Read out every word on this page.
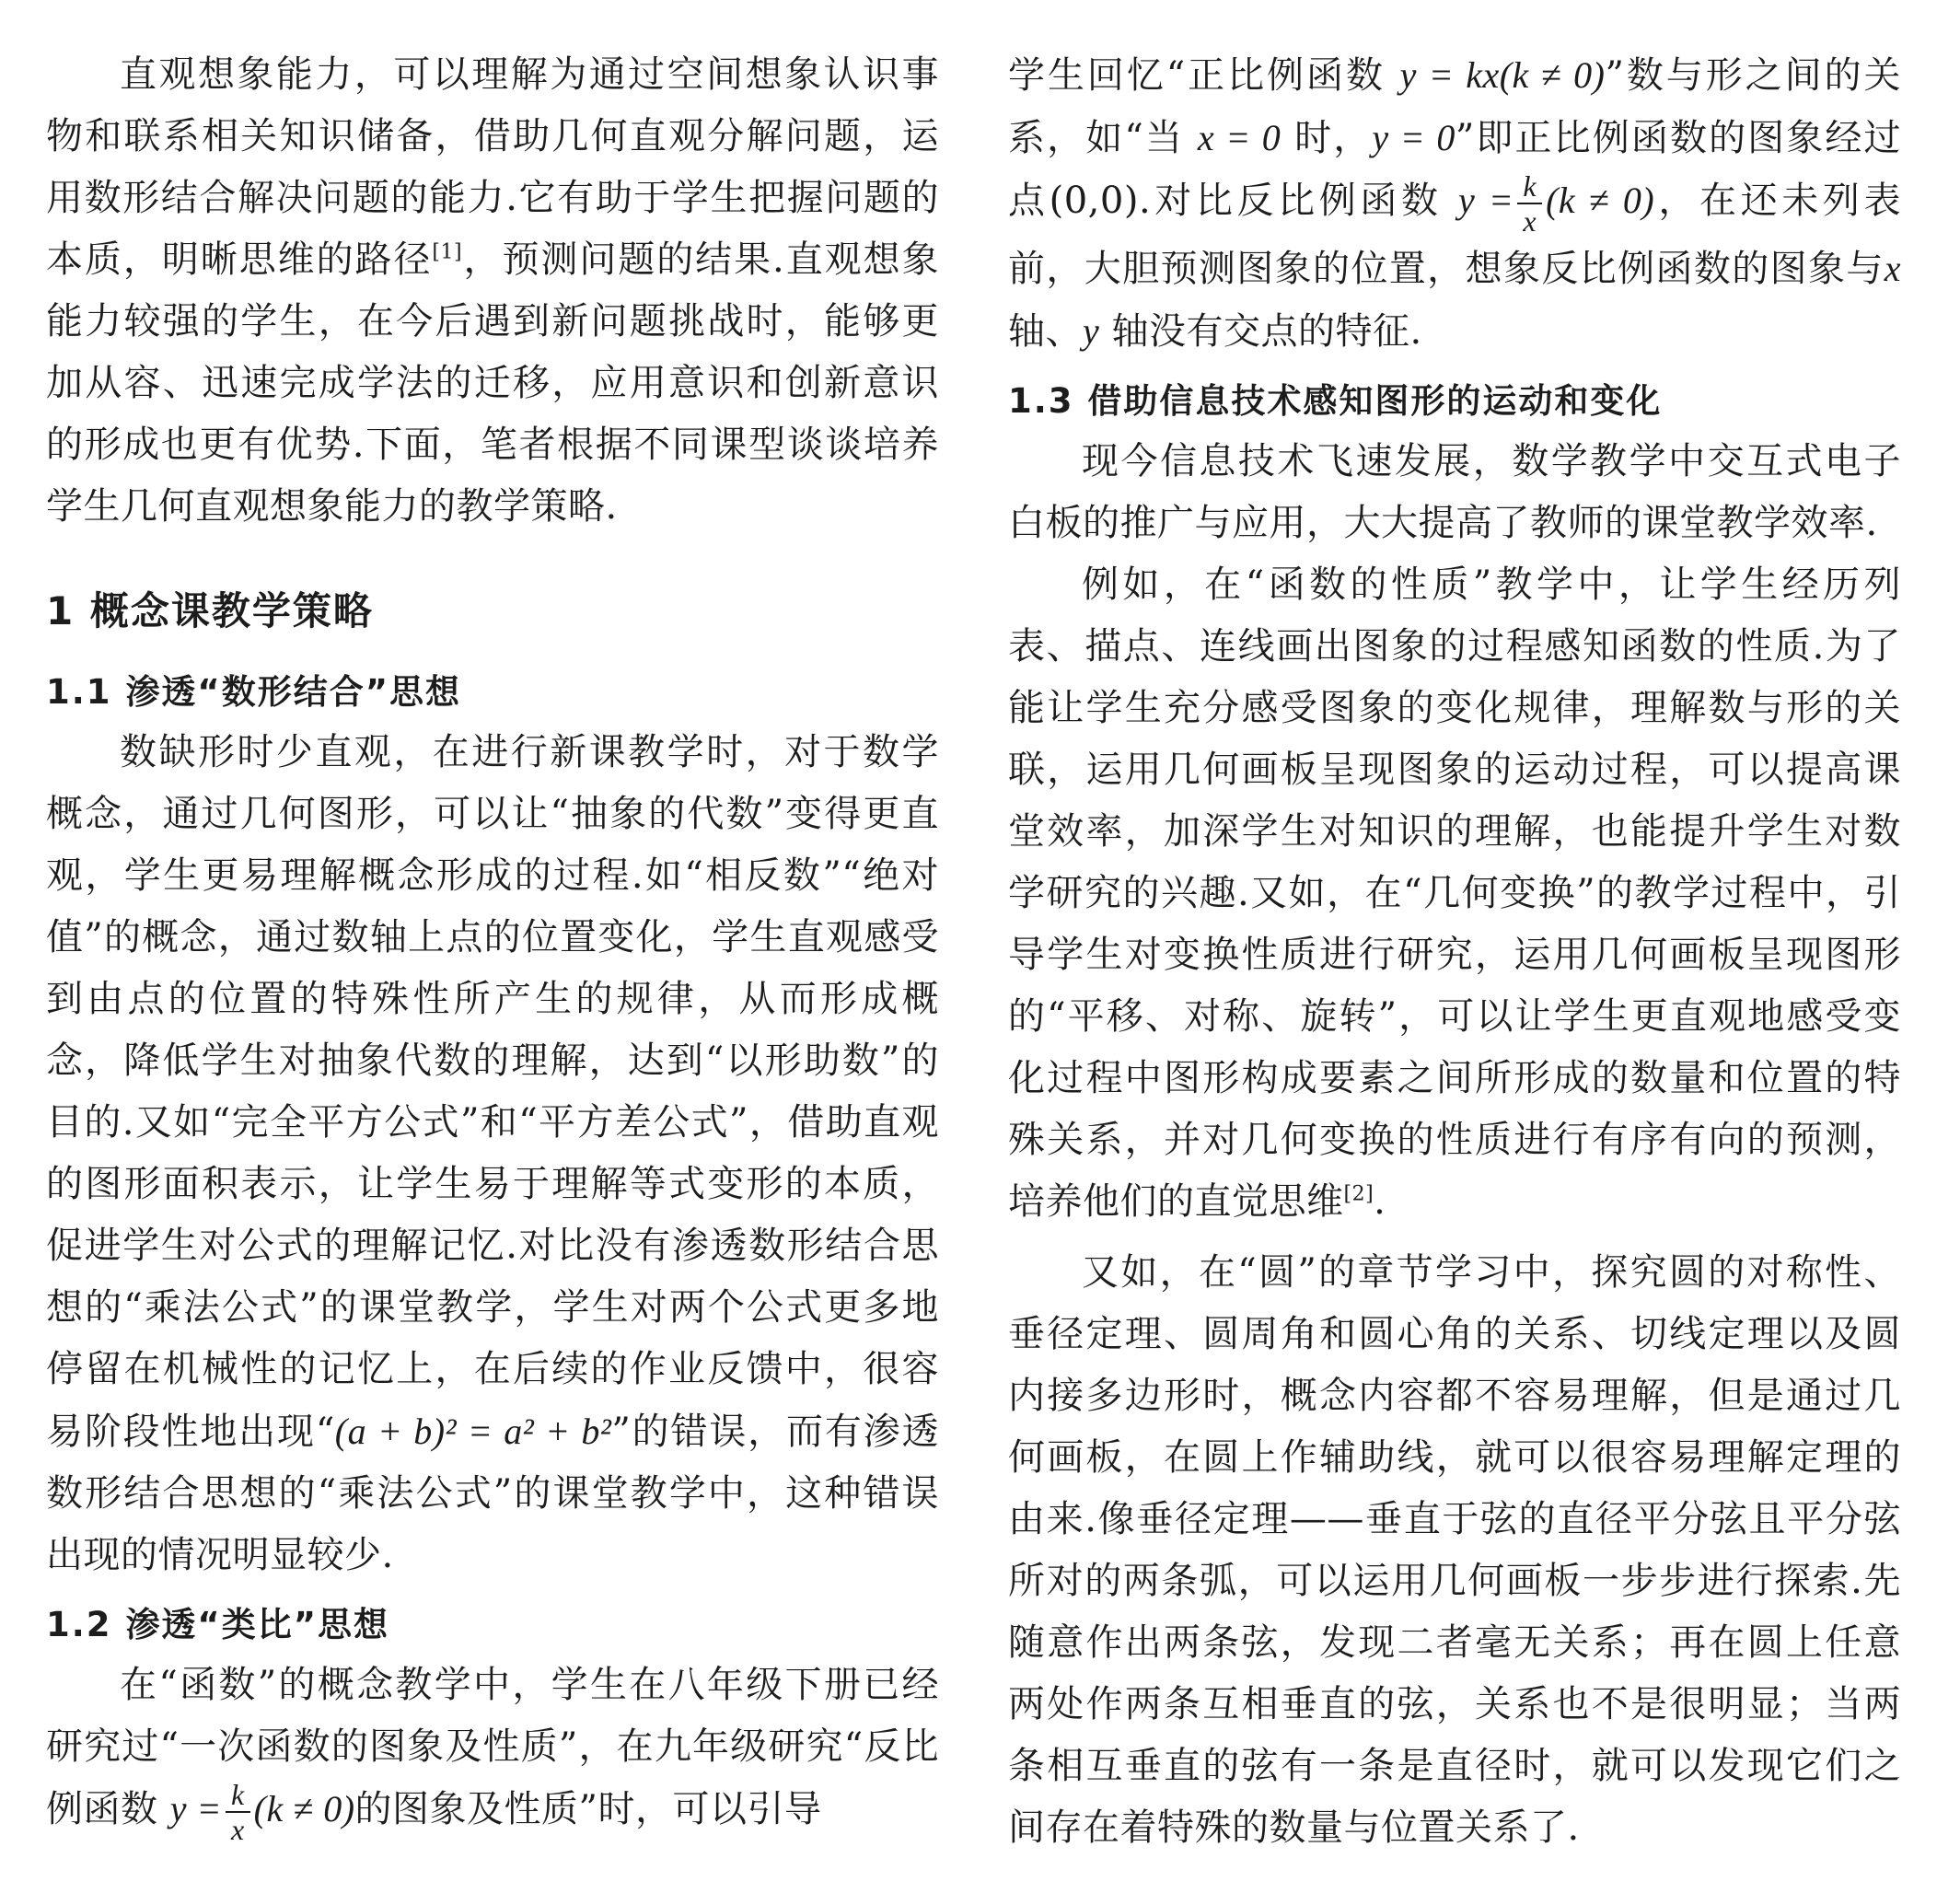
直观想象能力，可以理解为通过空间想象认识事物和联系相关知识储备，借助几何直观分解问题，运用数形结合解决问题的能力.它有助于学生把握问题的本质，明晰思维的路径[1]，预测问题的结果.直观想象能力较强的学生，在今后遇到新问题挑战时，能够更加从容、迅速完成学法的迁移，应用意识和创新意识的形成也更有优势.下面，笔者根据不同课型谈谈培养学生几何直观想象能力的教学策略.

1 概念课教学策略
1.1 渗透“数形结合”思想

数缺形时少直观，在进行新课教学时，对于数学概念，通过几何图形，可以让“抽象的代数”变得更直观，学生更易理解概念形成的过程.如“相反数”“绝对值”的概念，通过数轴上点的位置变化，学生直观感受到由点的位置的特殊性所产生的规律，从而形成概念，降低学生对抽象代数的理解，达到“以形助数”的目的.又如“完全平方公式”和“平方差公式”，借助直观的图形面积表示，让学生易于理解等式变形的本质，促进学生对公式的理解记忆.对比没有渗透数形结合思想的“乘法公式”的课堂教学，学生对两个公式更多地停留在机械性的记忆上，在后续的作业反馈中，很容易阶段性地出现“(a + b)² = a² + b²”的错误，而有渗透数形结合思想的“乘法公式”的课堂教学中，这种错误出现的情况明显较少.

1.2 渗透“类比”思想

在“函数”的概念教学中，学生在八年级下册已经研究过“一次函数的图象及性质”，在九年级研究“反比例函数 $y = \frac{k}{x} (k \ne 0)$的图象及性质”时，可以引导

学生回忆“正比例函数 y = kx(k ≠ 0)”数与形之间的关系，如“当 x = 0 时，y = 0”即正比例函数的图象经过点(0,0).对比反比例函数 $y = \frac{k}{x} (k \ne 0)$，在还未列表前，大胆预测图象的位置，想象反比例函数的图象与x 轴、y 轴没有交点的特征.

1.3 借助信息技术感知图形的运动和变化

现今信息技术飞速发展，数学教学中交互式电子白板的推广与应用，大大提高了教师的课堂教学效率.

例如，在“函数的性质”教学中，让学生经历列表、描点、连线画出图象的过程感知函数的性质.为了能让学生充分感受图象的变化规律，理解数与形的关联，运用几何画板呈现图象的运动过程，可以提高课堂效率，加深学生对知识的理解，也能提升学生对数学研究的兴趣.又如，在“几何变换”的教学过程中，引导学生对变换性质进行研究，运用几何画板呈现图形的“平移、对称、旋转”，可以让学生更直观地感受变化过程中图形构成要素之间所形成的数量和位置的特殊关系，并对几何变换的性质进行有序有向的预测，培养他们的直觉思维[2].

又如，在“圆”的章节学习中，探究圆的对称性、垂径定理、圆周角和圆心角的关系、切线定理以及圆内接多边形时，概念内容都不容易理解，但是通过几何画板，在圆上作辅助线，就可以很容易理解定理的由来.像垂径定理——垂直于弦的直径平分弦且平分弦所对的两条弧，可以运用几何画板一步步进行探索.先随意作出两条弦，发现二者毫无关系；再在圆上任意两处作两条互相垂直的弦，关系也不是很明显；当两条相互垂直的弦有一条是直径时，就可以发现它们之间存在着特殊的数量与位置关系了.
